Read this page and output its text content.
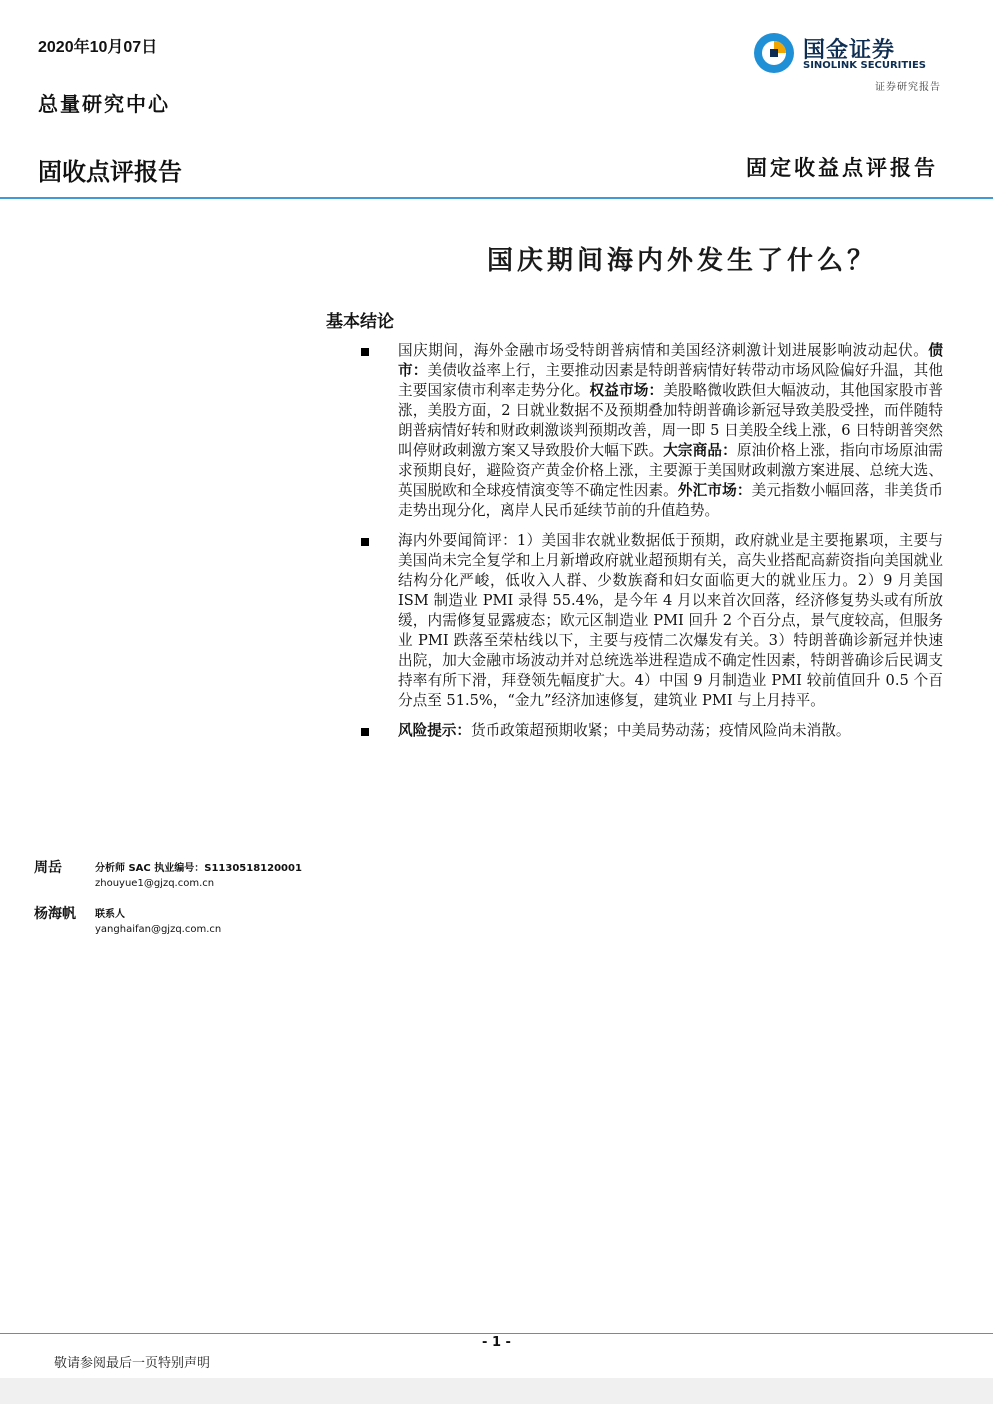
2020年10月07日	国金证券
SINOLINK SECURITIES
证券研究报告
总量研究中心
固收点评报告	固定收益点评报告
国庆期间海内外发生了什么？
基本结论
国庆期间，海外金融市场受特朗普病情和美国经济刺激计划进展影响波动起伏。债市：美债收益率上行，主要推动因素是特朗普病情好转带动市场风险偏好升温，其他主要国家债市利率走势分化。权益市场：美股略微收跌但大幅波动，其他国家股市普涨，美股方面，2 日就业数据不及预期叠加特朗普确诊新冠导致美股受挫，而伴随特朗普病情好转和财政刺激谈判预期改善，周一即 5 日美股全线上涨，6 日特朗普突然叫停财政刺激方案又导致股价大幅下跌。大宗商品：原油价格上涨，指向市场原油需求预期良好，避险资产黄金价格上涨，主要源于美国财政刺激方案进展、总统大选、英国脱欧和全球疫情演变等不确定性因素。外汇市场：美元指数小幅回落，非美货币走势出现分化，离岸人民币延续节前的升值趋势。
海内外要闻简评：1）美国非农就业数据低于预期，政府就业是主要拖累项，主要与美国尚未完全复学和上月新增政府就业超预期有关，高失业搭配高薪资指向美国就业结构分化严峻，低收入人群、少数族裔和妇女面临更大的就业压力。2）9 月美国 ISM 制造业 PMI 录得 55.4%，是今年 4 月以来首次回落，经济修复势头或有所放缓，内需修复显露疲态；欧元区制造业 PMI 回升 2 个百分点，景气度较高，但服务业 PMI 跌落至荣枯线以下，主要与疫情二次爆发有关。3）特朗普确诊新冠并快速出院，加大金融市场波动并对总统选举进程造成不确定性因素，特朗普确诊后民调支持率有所下滑，拜登领先幅度扩大。4）中国 9 月制造业 PMI 较前值回升 0.5 个百分点至 51.5%，“金九”经济加速修复，建筑业 PMI 与上月持平。
风险提示：货币政策超预期收紧；中美局势动荡；疫情风险尚未消散。
周岳	分析师 SAC 执业编号：S1130518120001
zhouyue1@gjzq.com.cn
杨海帆 联系人
yanghaifan@gjzq.com.cn
- 1 -
敬请参阅最后一页特别声明
